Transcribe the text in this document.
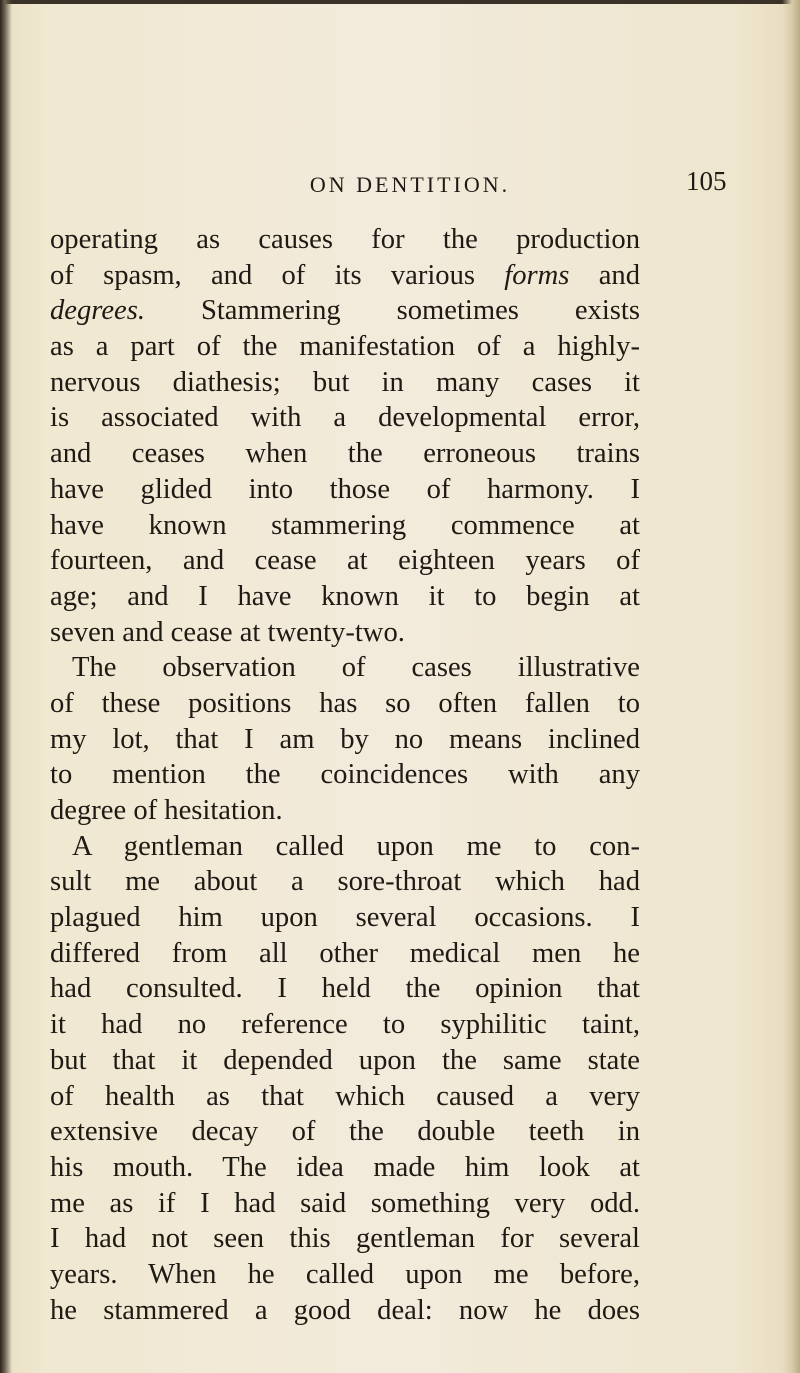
ON DENTITION.	105
operating as causes for the production
of spasm, and of its various forms and
degrees. Stammering sometimes exists
as a part of the manifestation of a highly-
nervous diathesis; but in many cases it
is associated with a developmental error,
and ceases when the erroneous trains
have glided into those of harmony. I
have known stammering commence at
fourteen, and cease at eighteen years of
age; and I have known it to begin at
seven and cease at twenty-two.
The observation of cases illustrative
of these positions has so often fallen to
my lot, that I am by no means inclined
to mention the coincidences with any
degree of hesitation.
A gentleman called upon me to con-
sult me about a sore-throat which had
plagued him upon several occasions. I
differed from all other medical men he
had consulted. I held the opinion that
it had no reference to syphilitic taint,
but that it depended upon the same state
of health as that which caused a very
extensive decay of the double teeth in
his mouth. The idea made him look at
me as if I had said something very odd.
I had not seen this gentleman for several
years. When he called upon me before,
he stammered a good deal: now he does
